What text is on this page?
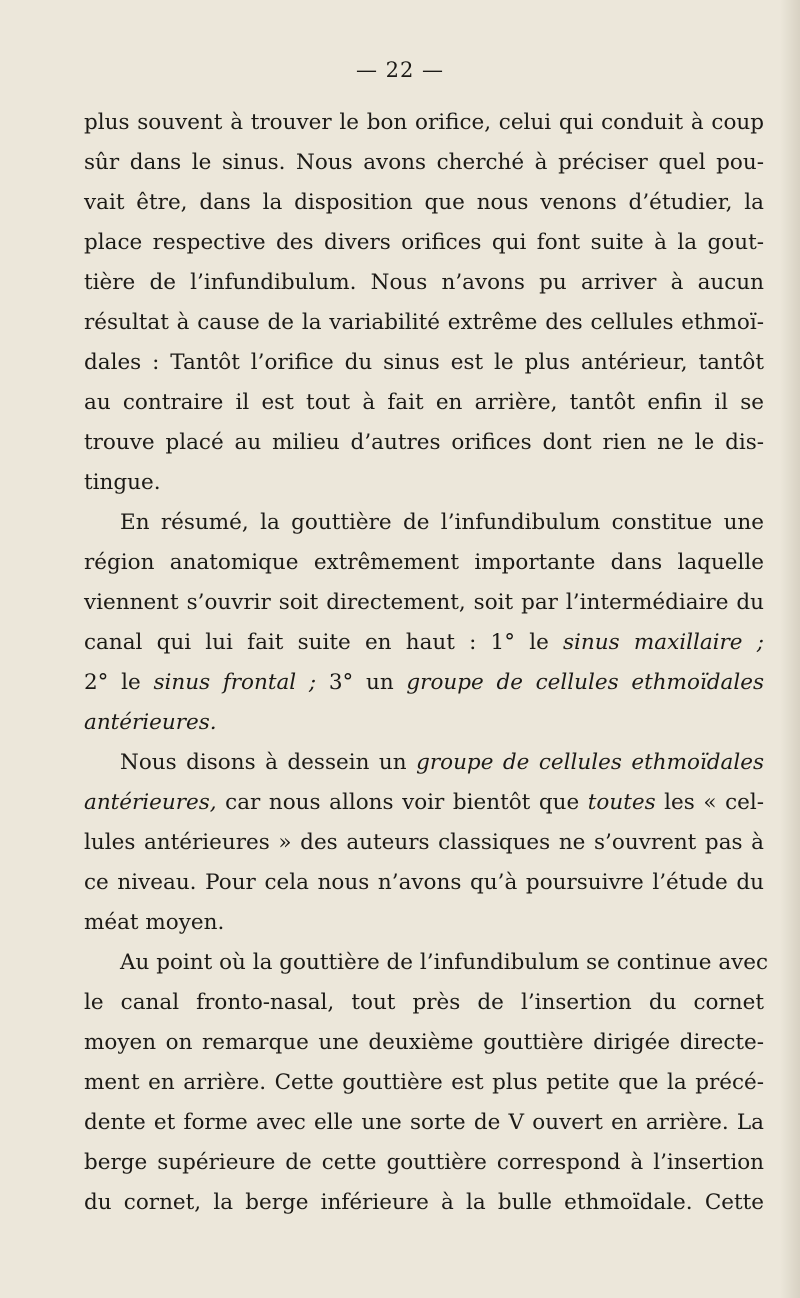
— 22 —
plus souvent à trouver le bon orifice, celui qui conduit à coup
sûr dans le sinus. Nous avons cherché à préciser quel pou-
vait être, dans la disposition que nous venons d’étudier, la
place respective des divers orifices qui font suite à la gout-
tière de l’infundibulum. Nous n’avons pu arriver à aucun
résultat à cause de la variabilité extrême des cellules ethmoï-
dales : Tantôt l’orifice du sinus est le plus antérieur, tantôt
au contraire il est tout à fait en arrière, tantôt enfin il se
trouve placé au milieu d’autres orifices dont rien ne le dis-
tingue.
En résumé, la gouttière de l’infundibulum constitue une
région anatomique extrêmement importante dans laquelle
viennent s’ouvrir soit directement, soit par l’intermédiaire du
canal qui lui fait suite en haut : 1° le sinus maxillaire ;
2° le sinus frontal ; 3° un groupe de cellules ethmoïdales
antérieures.
Nous disons à dessein un groupe de cellules ethmoïdales
antérieures, car nous allons voir bientôt que toutes les « cel-
lules antérieures » des auteurs classiques ne s’ouvrent pas à
ce niveau. Pour cela nous n’avons qu’à poursuivre l’étude du
méat moyen.
Au point où la gouttière de l’infundibulum se continue avec
le canal fronto-nasal, tout près de l’insertion du cornet
moyen on remarque une deuxième gouttière dirigée directe-
ment en arrière. Cette gouttière est plus petite que la précé-
dente et forme avec elle une sorte de V ouvert en arrière. La
berge supérieure de cette gouttière correspond à l’insertion
du cornet, la berge inférieure à la bulle ethmoïdale. Cette
